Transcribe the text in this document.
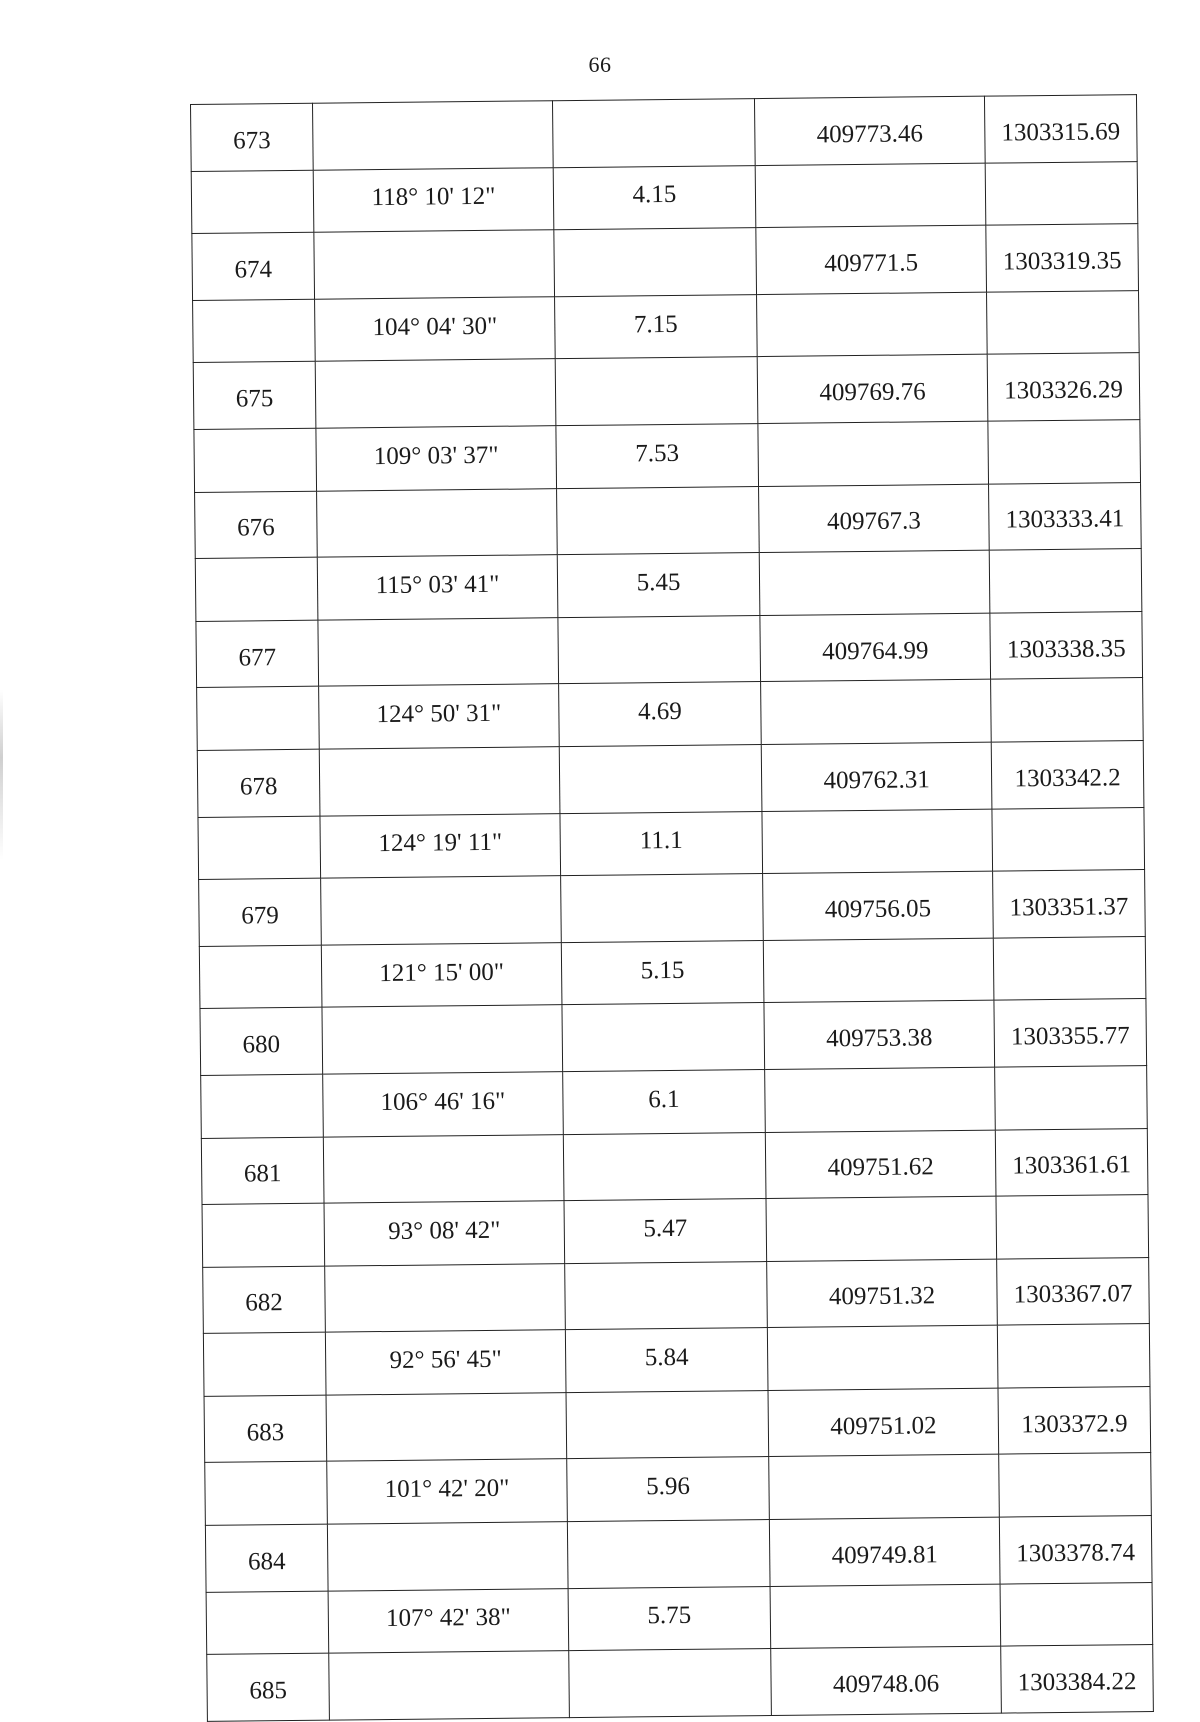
66
673			409773.46	1303315.69
	118° 10' 12"	4.15		
674			409771.5	1303319.35
	104° 04' 30"	7.15		
675			409769.76	1303326.29
	109° 03' 37"	7.53		
676			409767.3	1303333.41
	115° 03' 41"	5.45		
677			409764.99	1303338.35
	124° 50' 31"	4.69		
678			409762.31	1303342.2
	124° 19' 11"	11.1		
679			409756.05	1303351.37
	121° 15' 00"	5.15		
680			409753.38	1303355.77
	106° 46' 16"	6.1		
681			409751.62	1303361.61
	93° 08' 42"	5.47		
682			409751.32	1303367.07
	92° 56' 45"	5.84		
683			409751.02	1303372.9
	101° 42' 20"	5.96		
684			409749.81	1303378.74
	107° 42' 38"	5.75		
685			409748.06	1303384.22
